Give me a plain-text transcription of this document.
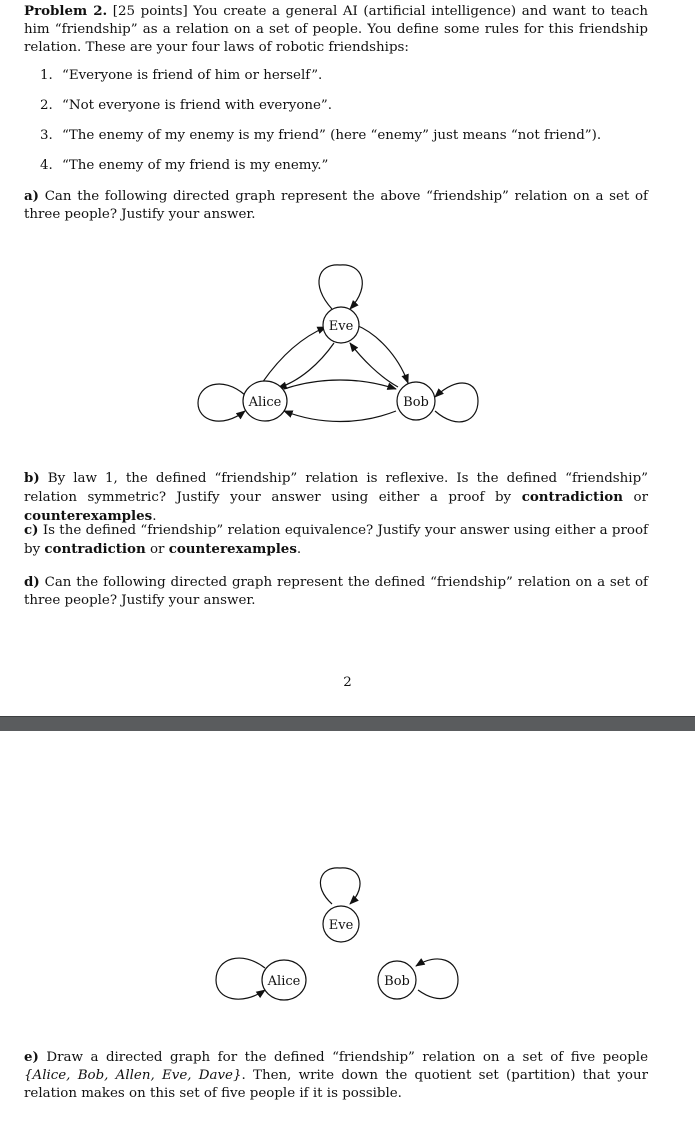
Problem 2. [25 points] You create a general AI (artificial intelligence) and want to teach him “friendship” as a relation on a set of people. You define some rules for this friendship relation. These are your four laws of robotic friendships:
1. “Everyone is friend of him or herself”.
2. “Not everyone is friend with everyone”.
3. “The enemy of my enemy is my friend” (here “enemy” just means “not friend”).
4. “The enemy of my friend is my enemy.”
a) Can the following directed graph represent the above “friendship” relation on a set of three people? Justify your answer.
Eve
Alice	Bob
b) By law 1, the defined “friendship” relation is reflexive. Is the defined “friendship” relation symmetric? Justify your answer using either a proof by contradiction or counterexamples.
c) Is the defined “friendship” relation equivalence? Justify your answer using either a proof by contradiction or counterexamples.
d) Can the following directed graph represent the defined “friendship” relation on a set of three people? Justify your answer.
2
Eve
Alice	Bob
e) Draw a directed graph for the defined “friendship” relation on a set of five people {Alice, Bob, Allen, Eve, Dave}. Then, write down the quotient set (partition) that your relation makes on this set of five people if it is possible.
